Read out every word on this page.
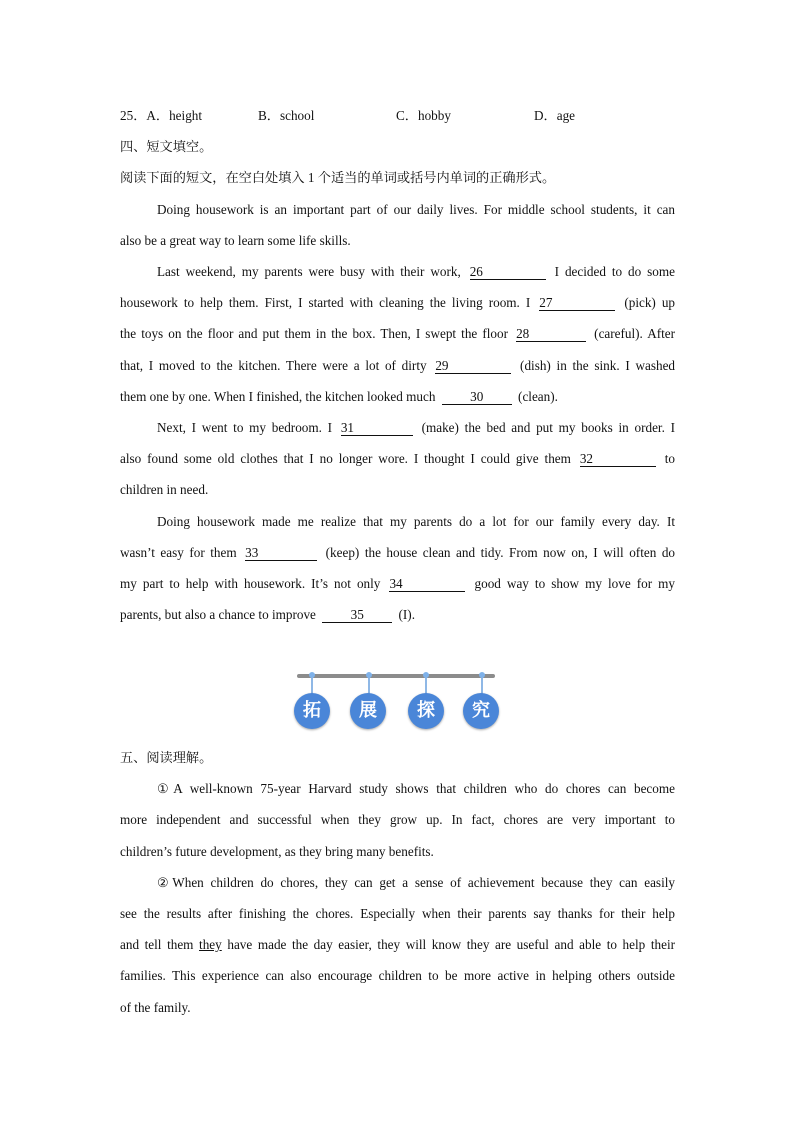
25．A．height	B．school	C．hobby	D．age
四、短文填空。
阅读下面的短文，在空白处填入 1 个适当的单词或括号内单词的正确形式。
Doing housework is an important part of our daily lives. For middle school students, it can
also be a great way to learn some life skills.
Last weekend, my parents were busy with their work, 26	I decided to do some
housework to help them. First, I started with cleaning the living room. I 27	(pick) up
the toys on the floor and put them in the box. Then, I swept the floor 28	(careful). After
that, I moved to the kitchen. There were a lot of dirty 29	(dish) in the sink. I washed
them one by one. When I finished, the kitchen looked much	30	(clean).
Next, I went to my bedroom. I 31	(make) the bed and put my books in order. I
also found some old clothes that I no longer wore. I thought I could give them 32	to
children in need.
Doing housework made me realize that my parents do a lot for our family every day. It
wasn’t easy for them 33	(keep) the house clean and tidy. From now on, I will often do
my part to help with housework. It’s not only 34	good way to show my love for my
parents, but also a chance to improve	35	(I).
拓	展	探	究
五、阅读理解。
①A well-known 75-year Harvard study shows that children who do chores can become
more independent and successful when they grow up. In fact, chores are very important to
children’s future development, as they bring many benefits.
②When children do chores, they can get a sense of achievement because they can easily
see the results after finishing the chores. Especially when their parents say thanks for their help
and tell them they have made the day easier, they will know they are useful and able to help their
families. This experience can also encourage children to be more active in helping others outside
of the family.
